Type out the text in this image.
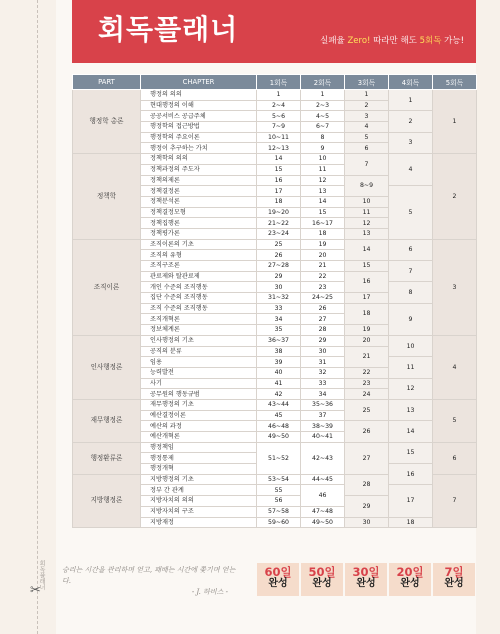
회독플래너	실패율 Zero! 따라만 해도 5회독 가능!
PART	CHAPTER	1회독	2회독	3회독	4회독	5회독
행정학 총론	행정의 의의	1	1	1	1	1
	현대행정의 이해	2~4	2~3	2		
	공공서비스 공급주체	5~6	4~5	3	2	
	행정학의 접근방법	7~9	6~7	4		
	행정학의 주요이론	10~11	8	5	3	
	행정이 추구하는 가치	12~13	9	6		
정책학	정책학의 의의	14	10	7	4	2
	정책과정의 주도자	15	11			
	정책의제론	16	12	8~9		
	정책결정론	17	13		5	
	정책분석론	18	14	10		
	정책결정모형	19~20	15	11		
	정책집행론	21~22	16~17	12		
	정책평가론	23~24	18	13		
조직이론	조직이론의 기초	25	19	14	6	3
	조직의 유형	26	20			
	조직구조론	27~28	21	15	7	
	관료제와 탈관료제	29	22	16		
	개인 수준의 조직행동	30	23		8	
	집단 수준의 조직행동	31~32	24~25	17		
	조직 수준의 조직행동	33	26	18	9	
	조직개혁론	34	27			
	정보체계론	35	28	19		
인사행정론	인사행정의 기초	36~37	29	20	10	4
	공직의 분류	38	30	21		
	임용	39	31		11	
	능력발전	40	32	22		
	사기	41	33	23	12	
	공무원의 행동규범	42	34	24		
재무행정론	재무행정의 기초	43~44	35~36	25	13	5
	예산결정이론	45	37			
	예산의 과정	46~48	38~39	26	14	
	예산개혁론	49~50	40~41			
행정환류론	행정책임	51~52	42~43	27	15	6
	행정통제					
	행정개혁				16	
지방행정론	지방행정의 기초	53~54	44~45	28		7
	정부 간 관계	55	46		17	
	지방자치의 의의	56		29		
	지방자치의 구조	57~58	47~48			
	지방재정	59~60	49~50	30	18	
승리는 시간을 관리하며 얻고, 패배는 시간에 쫓기며 얻는다.
- J. 하비스 -
회독플래너
✂
60일
완성
50일
완성
30일
완성
20일
완성
7일
완성
